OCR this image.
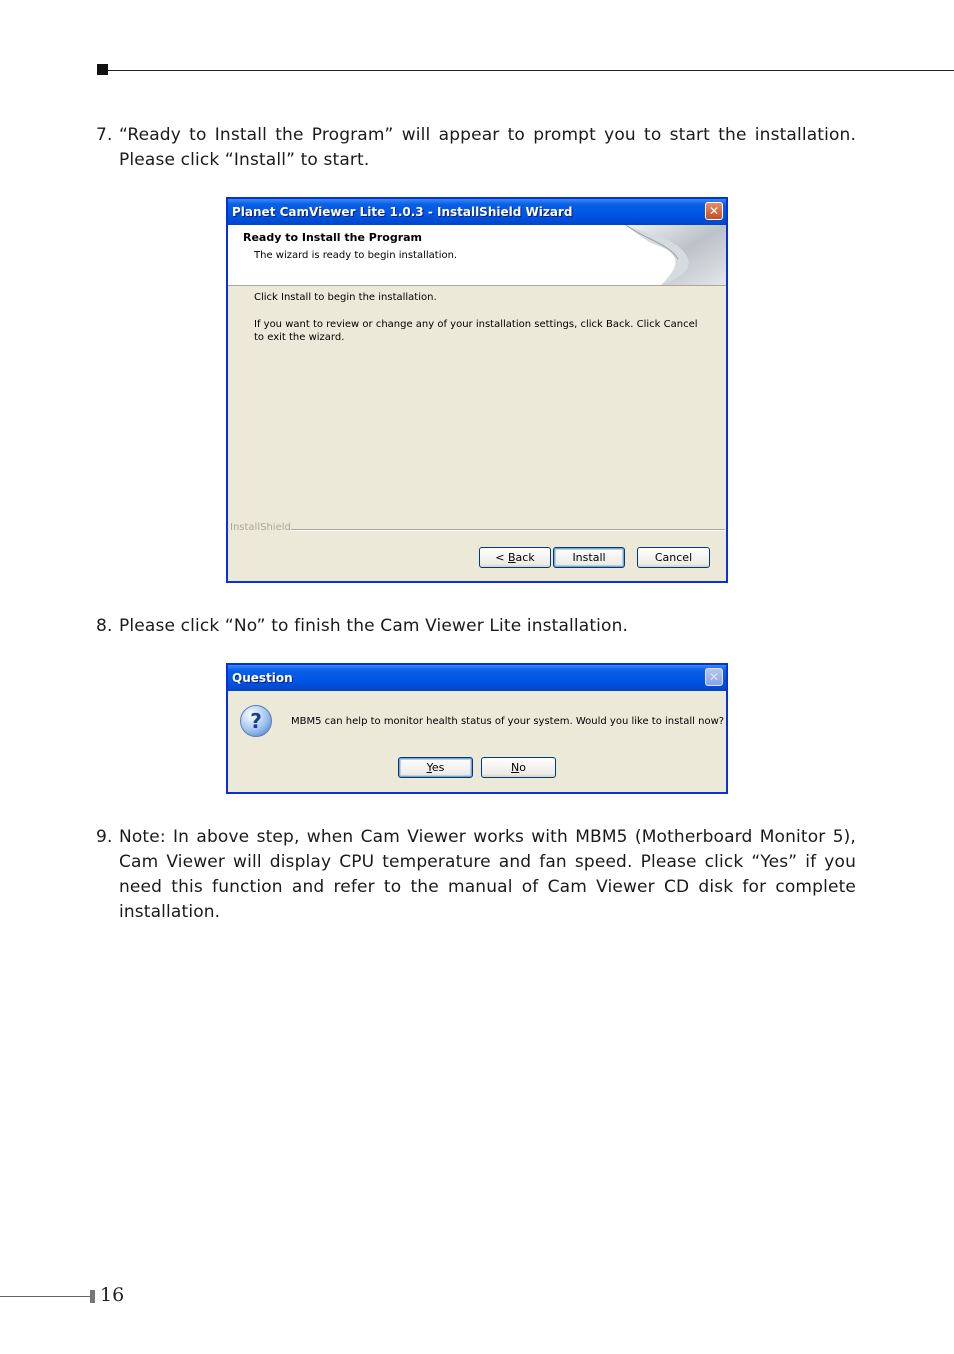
7. “Ready to Install the Program” will appear to prompt you to start the installation. Please click “Install” to start.
Planet CamViewer Lite 1.0.3 - InstallShield Wizard	✕
Ready to Install the Program
The wizard is ready to begin installation.
Click Install to begin the installation.
If you want to review or change any of your installation settings, click Back. Click Cancel to exit the wizard.
InstallShield
< Back	Install	Cancel
8. Please click “No” to finish the Cam Viewer Lite installation.
Question	✕
?	MBM5 can help to monitor health status of your system. Would you like to install now?
Yes	No
9. Note: In above step, when Cam Viewer works with MBM5 (Motherboard Monitor 5), Cam Viewer will display CPU temperature and fan speed. Please click “Yes” if you need this function and refer to the manual of Cam Viewer CD disk for complete installation.
16
